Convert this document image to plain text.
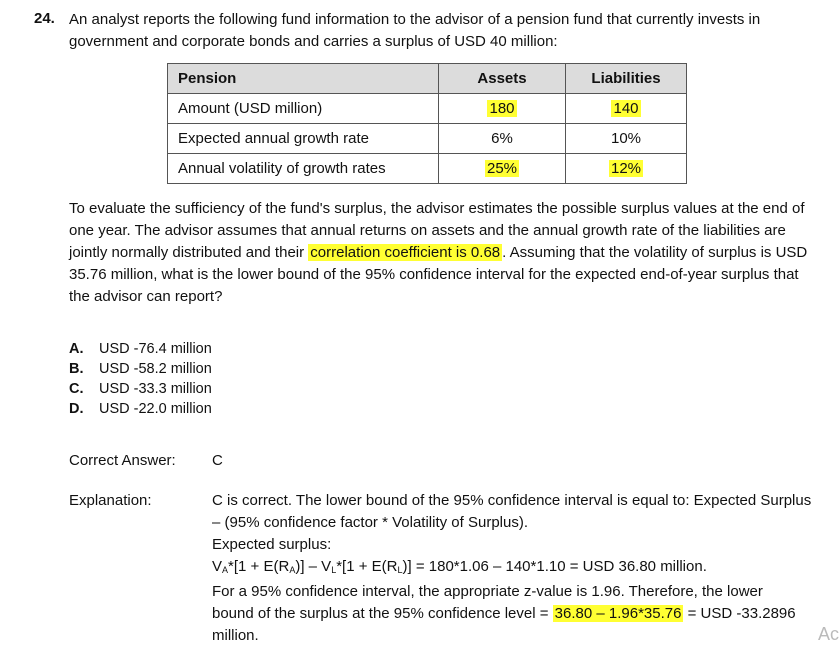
24. An analyst reports the following fund information to the advisor of a pension fund that currently invests in government and corporate bonds and carries a surplus of USD 40 million:
Pension	Assets	Liabilities
Amount (USD million)	180	140
Expected annual growth rate	6%	10%
Annual volatility of growth rates	25%	12%
To evaluate the sufficiency of the fund's surplus, the advisor estimates the possible surplus values at the end of one year. The advisor assumes that annual returns on assets and the annual growth rate of the liabilities are jointly normally distributed and their correlation coefficient is 0.68 . Assuming that the volatility of surplus is USD 35.76 million, what is the lower bound of the 95% confidence interval for the expected end-of-year surplus that the advisor can report?
A.	USD -76.4 million
B.	USD -58.2 million
C.	USD -33.3 million
D.	USD -22.0 million
Correct Answer: C
Explanation:	C is correct. The lower bound of the 95% confidence interval is equal to: Expected Surplus
– (95% confidence factor * Volatility of Surplus).
Expected surplus:
$V_A*[1 + E(R_A)] - V_L*[1 + E(R_L)] = 180*1.06 - 140*1.10$ = USD 36.80 million.
For a 95% confidence interval, the appropriate z-value is 1.96. Therefore, the lower
bound of the surplus at the 95% confidence level = 36.80 – 1.96*35.76 = USD -33.2896
million.	Ac
